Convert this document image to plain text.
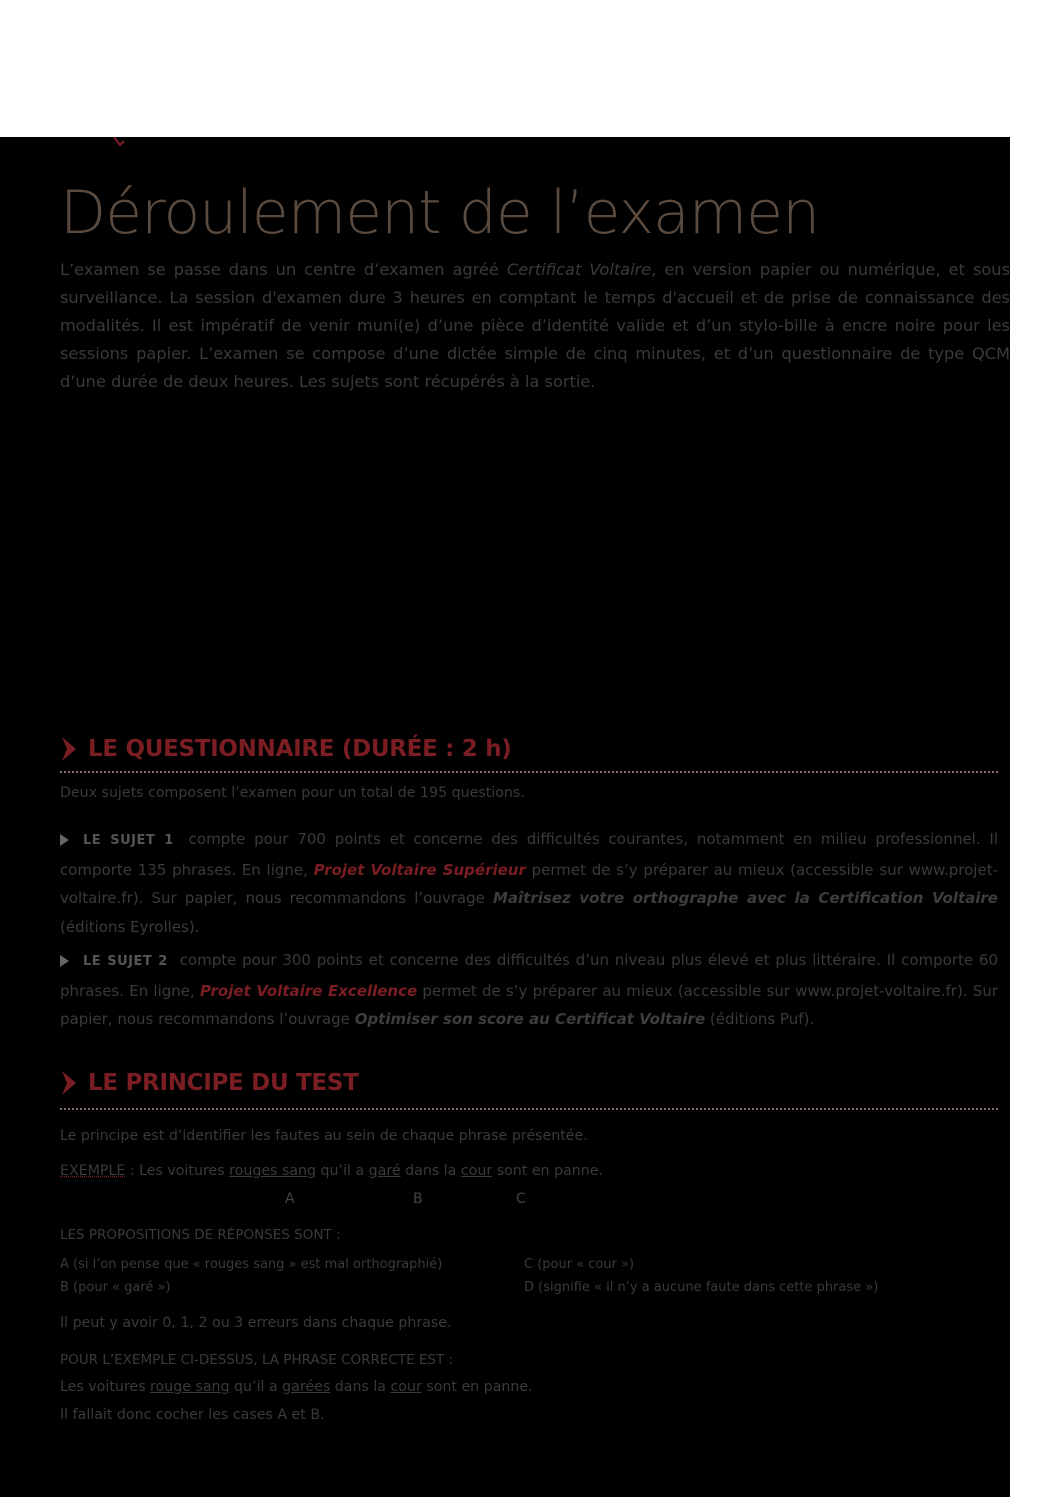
Déroulement de l’examen

L’examen se passe dans un centre d’examen agréé Certificat Voltaire, en version papier ou numérique, et sous surveillance. La session d'examen dure 3 heures en comptant le temps d'accueil et de prise de connaissance des modalités. Il est impératif de venir muni(e) d’une pièce d’identité valide et d’un stylo-bille à encre noire pour les sessions papier. L’examen se compose d’une dictée simple de cinq minutes, et d’un questionnaire de type QCM d’une durée de deux heures. Les sujets sont récupérés à la sortie.

LE QUESTIONNAIRE (DURÉE : 2 h)

Deux sujets composent l’examen pour un total de 195 questions.

LE SUJET 1 compte pour 700 points et concerne des difficultés courantes, notamment en milieu professionnel. Il comporte 135 phrases. En ligne, Projet Voltaire Supérieur permet de s’y préparer au mieux (accessible sur www.projet-voltaire.fr). Sur papier, nous recommandons l’ouvrage Maîtrisez votre orthographe avec la Certification Voltaire (éditions Eyrolles).

LE SUJET 2 compte pour 300 points et concerne des difficultés d’un niveau plus élevé et plus littéraire. Il comporte 60 phrases. En ligne, Projet Voltaire Excellence permet de s’y préparer au mieux (accessible sur www.projet-voltaire.fr). Sur papier, nous recommandons l’ouvrage Optimiser son score au Certificat Voltaire (éditions Puf).

LE PRINCIPE DU TEST

Le principe est d’identifier les fautes au sein de chaque phrase présentée.

EXEMPLE : Les voitures rouges sang qu’il a garé dans la cour sont en panne.

A	B	C

LES PROPOSITIONS DE RÉPONSES SONT :

A (si l’on pense que « rouges sang » est mal orthographié)

B (pour « garé »)

C (pour « cour »)

D (signifie « il n’y a aucune faute dans cette phrase »)

Il peut y avoir 0, 1, 2 ou 3 erreurs dans chaque phrase.

POUR L’EXEMPLE CI-DESSUS, LA PHRASE CORRECTE EST :

Les voitures rouge sang qu’il a garées dans la cour sont en panne.

Il fallait donc cocher les cases A et B.
